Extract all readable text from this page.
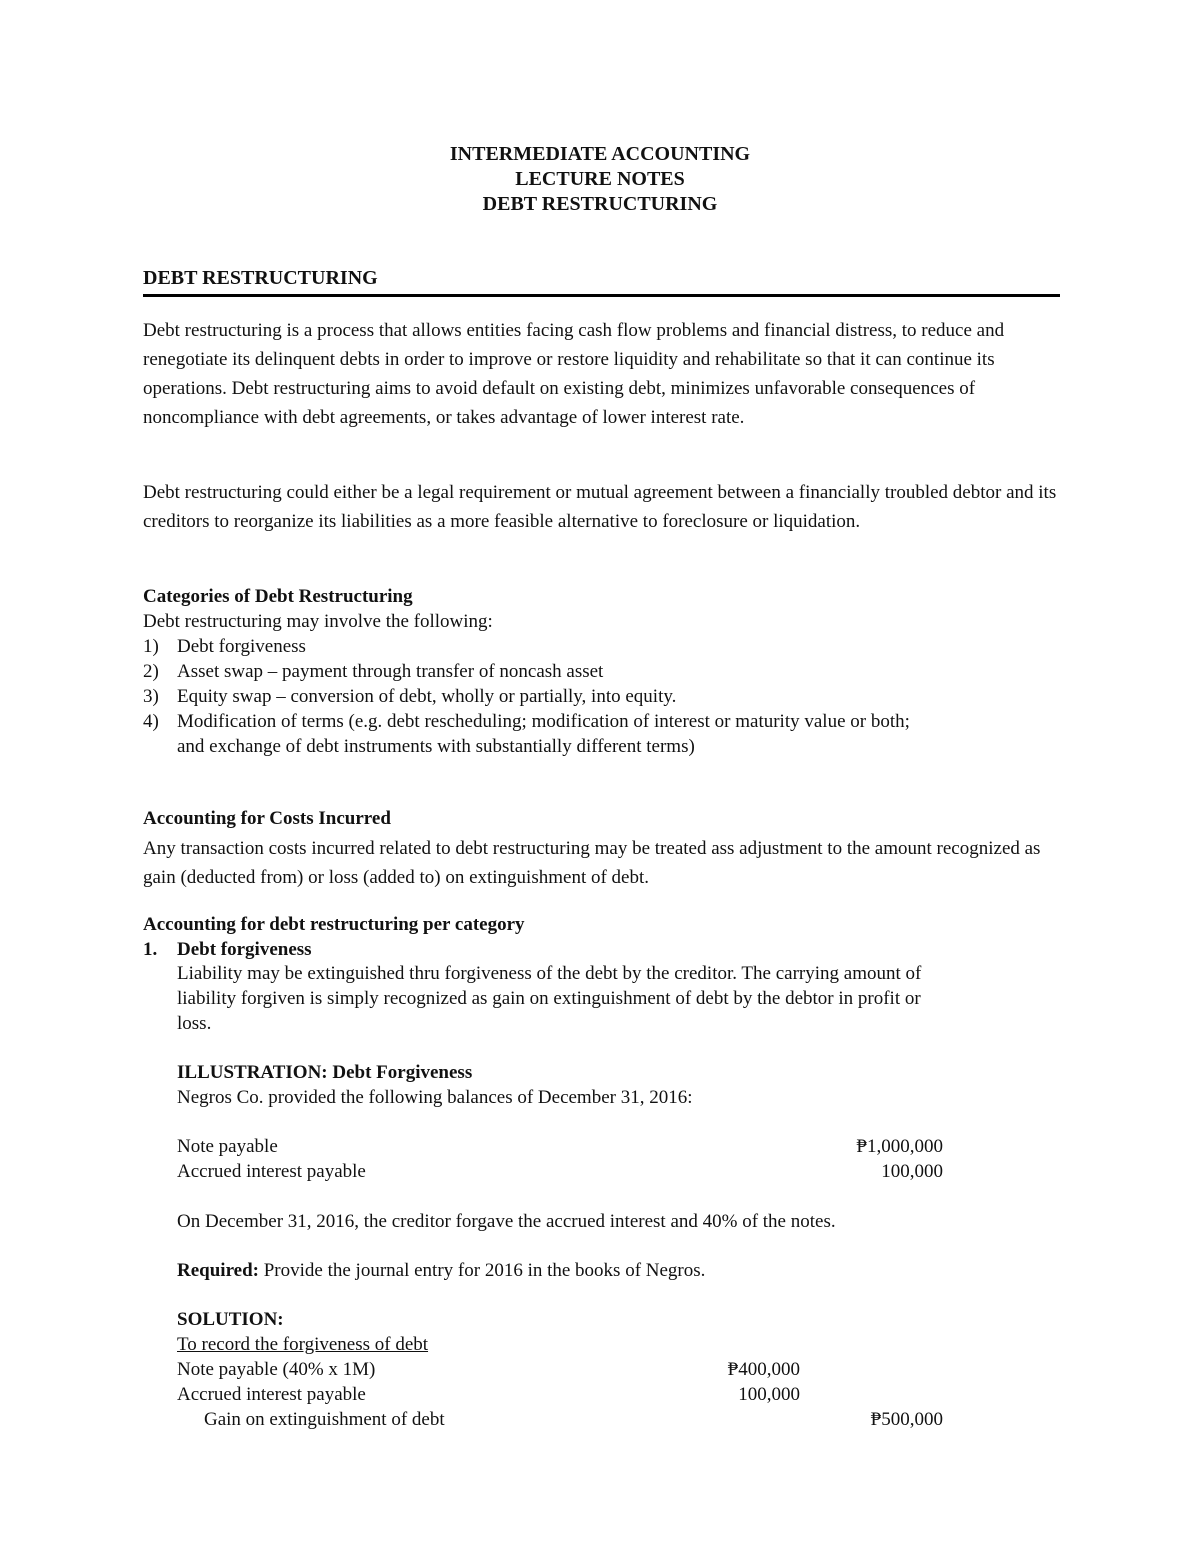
INTERMEDIATE ACCOUNTING
LECTURE NOTES
DEBT RESTRUCTURING
DEBT RESTRUCTURING
Debt restructuring is a process that allows entities facing cash flow problems and financial distress, to reduce and renegotiate its delinquent debts in order to improve or restore liquidity and rehabilitate so that it can continue its operations. Debt restructuring aims to avoid default on existing debt, minimizes unfavorable consequences of noncompliance with debt agreements, or takes advantage of lower interest rate.
Debt restructuring could either be a legal requirement or mutual agreement between a financially troubled debtor and its creditors to reorganize its liabilities as a more feasible alternative to foreclosure or liquidation.
Categories of Debt Restructuring
Debt restructuring may involve the following:
1) Debt forgiveness
2) Asset swap – payment through transfer of noncash asset
3) Equity swap – conversion of debt, wholly or partially, into equity.
4) Modification of terms (e.g. debt rescheduling; modification of interest or maturity value or both;
and exchange of debt instruments with substantially different terms)
Accounting for Costs Incurred
Any transaction costs incurred related to debt restructuring may be treated ass adjustment to the amount recognized as gain (deducted from) or loss (added to) on extinguishment of debt.
Accounting for debt restructuring per category
1. Debt forgiveness
Liability may be extinguished thru forgiveness of the debt by the creditor. The carrying amount of
liability forgiven is simply recognized as gain on extinguishment of debt by the debtor in profit or
loss.
ILLUSTRATION: Debt Forgiveness
Negros Co. provided the following balances of December 31, 2016:
Note payable	₱1,000,000
Accrued interest payable	100,000
On December 31, 2016, the creditor forgave the accrued interest and 40% of the notes.
Required: Provide the journal entry for 2016 in the books of Negros.
SOLUTION:
To record the forgiveness of debt
Note payable (40% x 1M)	₱400,000
Accrued interest payable	100,000
Gain on extinguishment of debt	₱500,000
